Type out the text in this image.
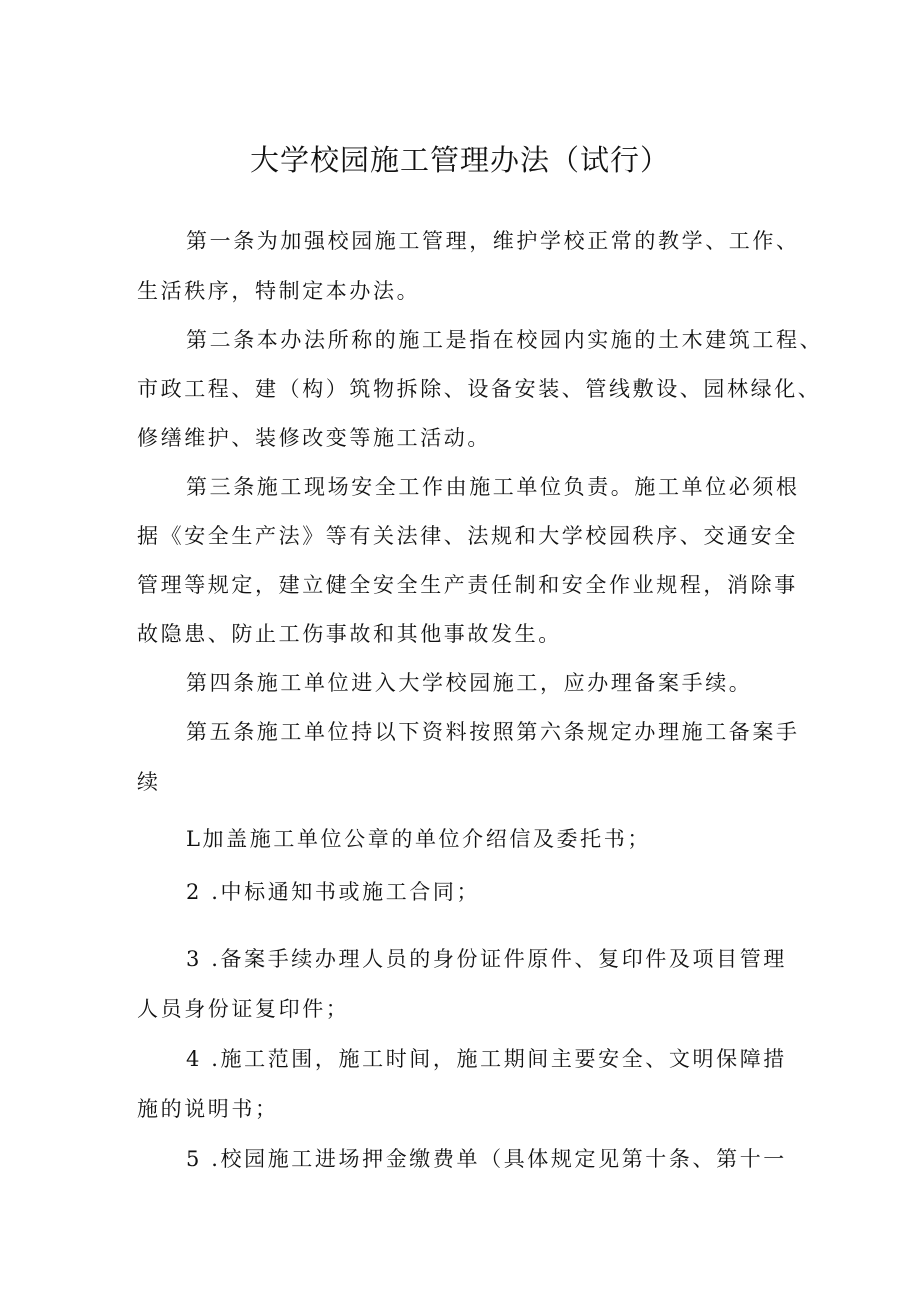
大学校园施工管理办法（试行）
第一条为加强校园施工管理，维护学校正常的教学、工作、
生活秩序，特制定本办法。
第二条本办法所称的施工是指在校园内实施的土木建筑工程、
市政工程、建（构）筑物拆除、设备安装、管线敷设、园林绿化、
修缮维护、装修改变等施工活动。
第三条施工现场安全工作由施工单位负责。施工单位必须根
据《安全生产法》等有关法律、法规和大学校园秩序、交通安全
管理等规定，建立健全安全生产责任制和安全作业规程，消除事
故隐患、防止工伤事故和其他事故发生。
第四条施工单位进入大学校园施工，应办理备案手续。
第五条施工单位持以下资料按照第六条规定办理施工备案手
续
L加盖施工单位公章的单位介绍信及委托书；
2 .中标通知书或施工合同；
3 .备案手续办理人员的身份证件原件、复印件及项目管理
人员身份证复印件；
4 .施工范围，施工时间，施工期间主要安全、文明保障措
施的说明书；
5 .校园施工进场押金缴费单（具体规定见第十条、第十一
